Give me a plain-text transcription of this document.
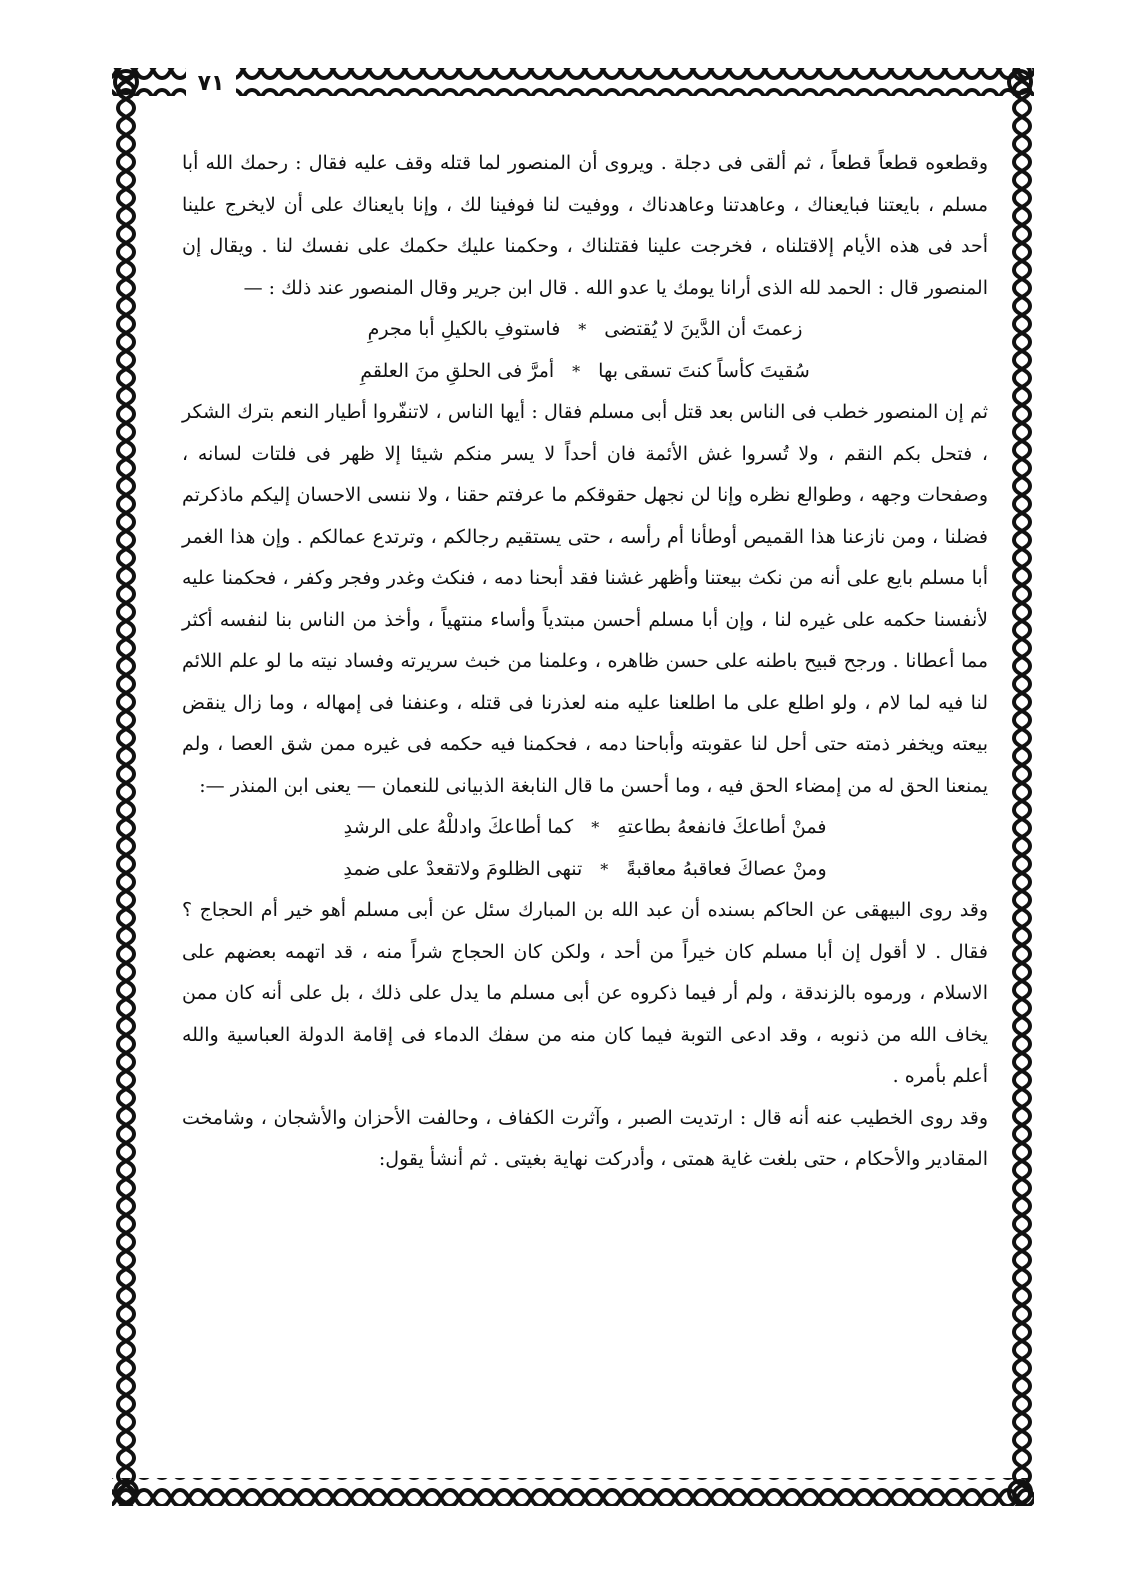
٧١

وقطعوه قطعاً قطعاً ، ثم ألقى فى دجلة . ويروى أن المنصور لما قتله وقف عليه فقال : رحمك الله أبا مسلم ، بايعتنا فبايعناك ، وعاهدتنا وعاهدناك ، ووفيت لنا فوفينا لك ، وإنا بايعناك على أن لايخرج علينا أحد فى هذه الأيام إلاقتلناه ، فخرجت علينا فقتلناك ، وحكمنا عليك حكمك على نفسك لنا . ويقال إن المنصور قال : الحمد لله الذى أرانا يومك يا عدو الله . قال ابن جرير وقال المنصور عند ذلك : —

زعمتَ أن الدَّينَ لا يُقتضى
*
فاستوفِ بالكيلِ أبا مجرمِ
سُقيتَ كأساً كنتَ تسقى بها
*
أمرَّ فى الحلقِ منَ العلقمِ

ثم إن المنصور خطب فى الناس بعد قتل أبى مسلم فقال : أيها الناس ، لاتنفّروا أطيار النعم بترك الشكر ، فتحل بكم النقم ، ولا تُسروا غش الأئمة فان أحداً لا يسر منكم شيئا إلا ظهر فى فلتات لسانه ، وصفحات وجهه ، وطوالع نظره وإنا لن نجهل حقوقكم ما عرفتم حقنا ، ولا ننسى الاحسان إليكم ماذكرتم فضلنا ، ومن نازعنا هذا القميص أوطأنا أم رأسه ، حتى يستقيم رجالكم ، وترتدع عمالكم . وإن هذا الغمر أبا مسلم بايع على أنه من نكث بيعتنا وأظهر غشنا فقد أبحنا دمه ، فنكث وغدر وفجر وكفر ، فحكمنا عليه لأنفسنا حكمه على غيره لنا ، وإن أبا مسلم أحسن مبتدياً وأساء منتهياً ، وأخذ من الناس بنا لنفسه أكثر مما أعطانا . ورجح قبيح باطنه على حسن ظاهره ، وعلمنا من خبث سريرته وفساد نيته ما لو علم اللائم لنا فيه لما لام ، ولو اطلع على ما اطلعنا عليه منه لعذرنا فى قتله ، وعنفنا فى إمهاله ، وما زال ينقض بيعته ويخفر ذمته حتى أحل لنا عقوبته وأباحنا دمه ، فحكمنا فيه حكمه فى غيره ممن شق العصا ، ولم يمنعنا الحق له من إمضاء الحق فيه ، وما أحسن ما قال النابغة الذبيانى للنعمان — يعنى ابن المنذر —:

فمنْ أطاعكَ فانفعهُ بطاعتهِ
*
كما أطاعكَ وادللْهُ على الرشدِ
ومنْ عصاكَ فعاقبهُ معاقبةً
*
تنهى الظلومَ ولاتقعدْ على ضمدِ

وقد روى البيهقى عن الحاكم بسنده أن عبد الله بن المبارك سئل عن أبى مسلم أهو خير أم الحجاج ؟ فقال . لا أقول إن أبا مسلم كان خيراً من أحد ، ولكن كان الحجاج شراً منه ، قد اتهمه بعضهم على الاسلام ، ورموه بالزندقة ، ولم أر فيما ذكروه عن أبى مسلم ما يدل على ذلك ، بل على أنه كان ممن يخاف الله من ذنوبه ، وقد ادعى التوبة فيما كان منه من سفك الدماء فى إقامة الدولة العباسية والله أعلم بأمره .

وقد روى الخطيب عنه أنه قال : ارتديت الصبر ، وآثرت الكفاف ، وحالفت الأحزان والأشجان ، وشامخت المقادير والأحكام ، حتى بلغت غاية همتى ، وأدركت نهاية بغيتى . ثم أنشأ يقول:
